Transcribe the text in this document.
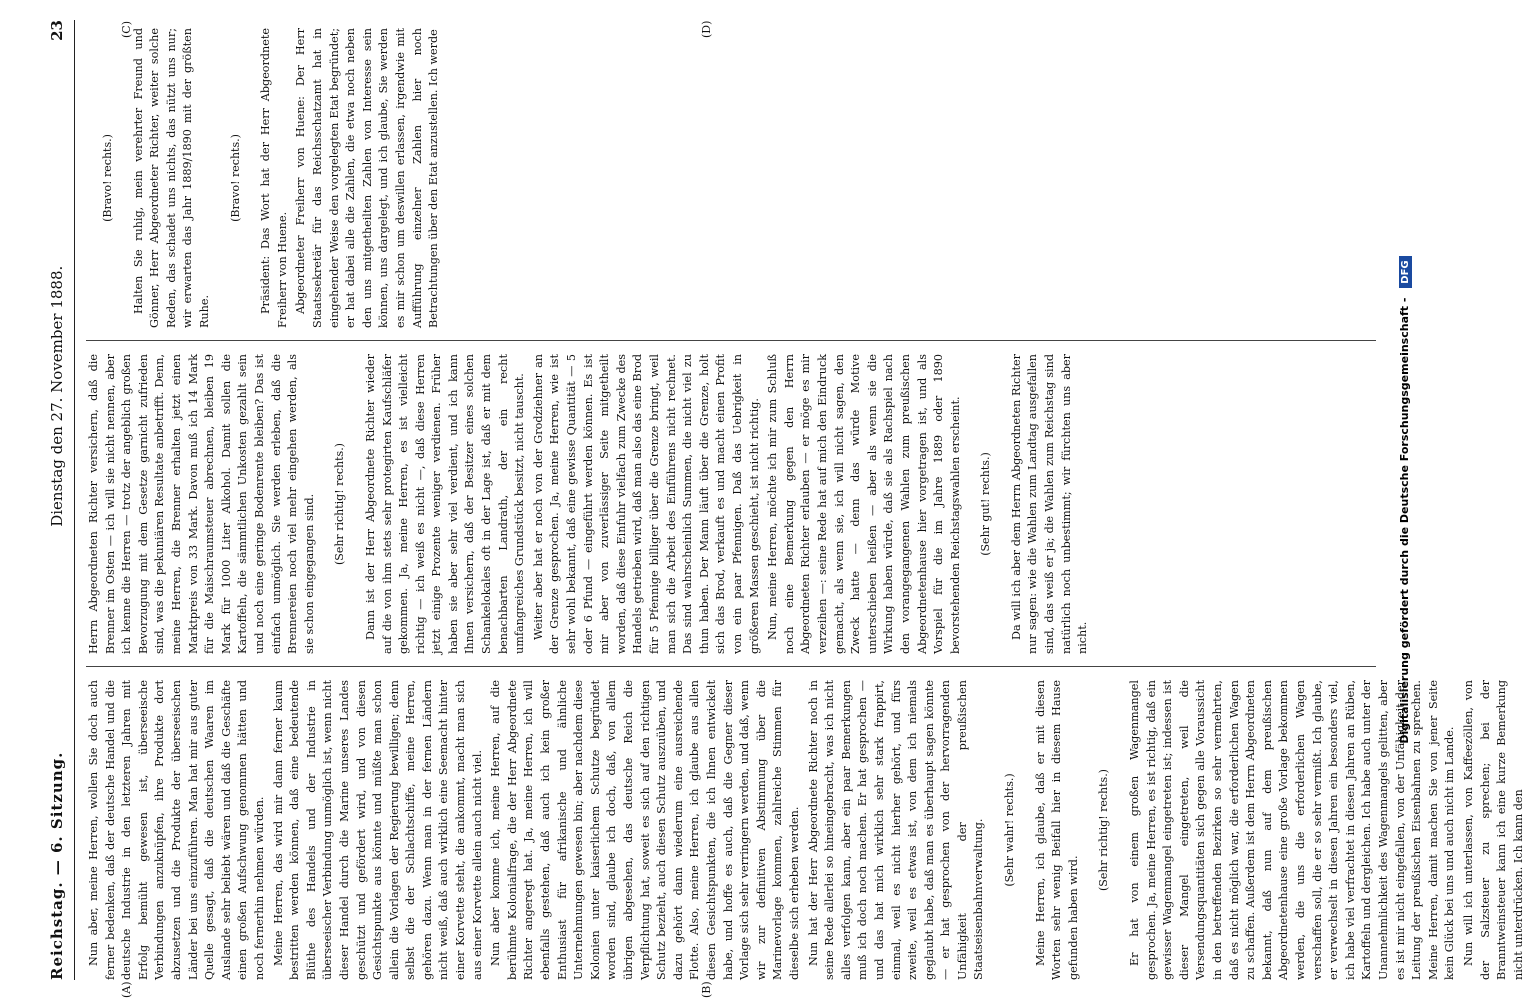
Reichstag. — 6. Sitzung.
Dienstag den 27. November 1888.
23
(A)	(B)
(C)	(D)

Nun aber, meine Herren, wollen Sie doch auch ferner bedenken, daß der deutsche Handel und die deutsche Industrie in den letzteren Jahren mit Erfolg bemüht gewesen ist, überseeische Verbindungen anzuknüpfen, ihre Produkte dort abzusetzen und die Produkte der überseeischen Länder bei uns einzuführen. Man hat mir aus guter Quelle gesagt, daß die deutschen Waaren im Auslande sehr beliebt wären und daß die Geschäfte einen großen Aufschwung genommen hätten und noch fernerhin nehmen würden. Meine Herren, das wird mir dann ferner kaum bestritten werden können, daß eine bedeutende Blüthe des Handels und der Industrie in überseeischer Verbindung unmöglich ist, wenn nicht dieser Handel durch die Marine unseres Landes geschützt und gefördert wird, und von diesen Gesichtspunkte aus könnte und müßte man schon allein die Vorlagen der Regierung bewilligen; denn selbst die der Schlachtschiffe, meine Herren, gehören dazu. Wenn man in der fernen Ländern nicht weiß, daß auch wirklich eine Seemacht hinter einer Korvette steht, die ankommt, macht man sich aus einer Korvette allein auch nicht viel. Nun aber komme ich, meine Herren, auf die berühmte Kolonialfrage, die der Herr Abgeordnete Richter angeregt hat. Ja, meine Herren, ich will ebenfalls gestehen, daß auch ich kein großer Enthusiast für afrikanische und ähnliche Unternehmungen gewesen bin; aber nachdem diese Kolonien unter kaiserlichem Schutze begründet worden sind, glaube ich doch, daß, von allem übrigen abgesehen, das deutsche Reich die Verpflichtung hat, soweit es sich auf den richtigen Schutz bezieht, auch diesen Schutz auszuüben, und dazu gehört dann wiederum eine ausreichende Flotte. Also, meine Herren, ich glaube aus allen diesen Gesichtspunkten, die ich Ihnen entwickelt habe, und hoffe es auch, daß die Gegner dieser Vorlage sich sehr verringern werden, und daß, wenn wir zur definitiven Abstimmung über die Marinevorlage kommen, zahlreiche Stimmen für dieselbe sich erheben werden. Nun hat der Herr Abgeordnete Richter noch in seine Rede allerlei so hineingebracht, was ich nicht alles verfolgen kann, aber ein paar Bemerkungen muß ich doch noch machen. Er hat gesprochen — und das hat mich wirklich sehr stark frappirt, einmal, weil es nicht hierher gehört, und fürs zweite, weil es etwas ist, von dem ich niemals geglaubt habe, daß man es überhaupt sagen könnte — er hat gesprochen von der hervorragenden Unfähigkeit der preußischen Staatseisenbahnverwaltung. (Sehr wahr! rechts.) Meine Herren, ich glaube, daß er mit diesen Worten sehr wenig Beifall hier in diesem Hause gefunden haben wird.

(Sehr richtig! rechts.) Er hat von einem großen Wagenmangel gesprochen. Ja, meine Herren, es ist richtig, daß ein gewisser Wagenmangel eingetreten ist; indessen ist dieser Mangel eingetreten, weil die Versendungsquantitäten sich gegen alle Voraussicht in den betreffenden Bezirken so sehr vermehrten, daß es nicht möglich war, die erforderlichen Wagen zu schaffen. Außerdem ist dem Herrn Abgeordneten bekannt, daß nun auf dem preußischen Abgeordnetenhause eine große Vorlage bekommen werden, die uns die erforderlichen Wagen verschaffen soll, die er so sehr vermißt. Ich glaube, er verwechselt in diesen Jahren ein besonders viel, ich habe viel verfrachtet in diesen Jahren an Rüben, Kartoffeln und dergleichen. Ich habe auch unter der Unannehmlichkeit des Wagenmangels gelitten, aber es ist mir nicht eingefallen, von der Unfähigkeit der Leitung der preußischen Eisenbahnen zu sprechen. Meine Herren, damit machen Sie von jener Seite kein Glück bei uns und auch nicht im Lande. Nun will ich unterlassen, von Kaffeezöllen, von der Salzsteuer zu sprechen; bei der Branntweinsteuer kann ich eine kurze Bemerkung nicht unterdrücken. Ich kann den

Herrn Abgeordneten Richter versichern, daß die Brenner im Osten — ich will sie nicht nennen, aber ich kenne die Herren — trotz der angeblich großen Bevorzugung mit dem Gesetze garnicht zufrieden sind, was die pekuniären Resultate anbetrifft. Denn, meine Herren, die Brenner erhalten jetzt einen Marktpreis von 33 Mark. Davon muß ich 14 Mark für die Maischraumsteuer abrechnen, bleiben 19 Mark für 1000 Liter Alkohol. Damit sollen die Kartoffeln, die sämmtlichen Unkosten gezahlt sein und noch eine geringe Bodenrente bleiben? Das ist einfach unmöglich. Sie werden erleben, daß die Brennereien noch viel mehr eingehen werden, als sie schon eingegangen sind. (Sehr richtig! rechts.) Dann ist der Herr Abgeordnete Richter wieder auf die von ihm stets sehr protegirten Kaufschläfer gekommen. Ja, meine Herren, es ist vielleicht richtig — ich weiß es nicht —, daß diese Herren jetzt einige Prozente weniger verdienen. Früher haben sie aber sehr viel verdient, und ich kann Ihnen versichern, daß der Besitzer eines solchen Schankelokales oft in der Lage ist, daß er mit dem benachbarten Landrath, der ein recht umfangreiches Grundstück besitzt, nicht tauscht. Weiter aber hat er noch von der Grodziehner an der Grenze gesprochen. Ja, meine Herren, wie ist sehr wohl bekannt, daß eine gewisse Quantität — 5 oder 6 Pfund — eingeführt werden können. Es ist mir aber von zuverlässiger Seite mitgetheilt worden, daß diese Einfuhr vielfach zum Zwecke des Handels getrieben wird, daß man also das eine Brod für 5 Pfennige billiger über die Grenze bringt, weil man sich die Arbeit des Einführens nicht rechnet. Das sind wahrscheinlich Summen, die nicht viel zu thun haben. Der Mann läuft über die Grenze, holt sich das Brod, verkauft es und macht einen Profit von ein paar Pfennigen. Daß das Uebrigkeit in größeren Massen geschieht, ist nicht richtig. Nun, meine Herren, möchte ich mir zum Schluß noch eine Bemerkung gegen den Herrn Abgeordneten Richter erlauben — er möge es mir verzeihen —: seine Rede hat auf mich den Eindruck gemacht, als wenn sie, ich will nicht sagen, den Zweck hatte — denn das würde Motive unterschieben heißen — aber als wenn sie die Wirkung haben würde, daß sie als Rachspiel nach den vorangegangenen Wahlen zum preußischen Abgeordnetenhause hier vorgetragen ist, und als Vorspiel für die im Jahre 1889 oder 1890 bevorstehenden Reichstagswahlen erscheint. (Sehr gut! rechts.) Da will ich aber dem Herrn Abgeordneten Richter nur sagen: wie die Wahlen zum Landtag ausgefallen sind, das weiß er ja; die Wahlen zum Reichstag sind natürlich noch unbestimmt; wir fürchten uns aber nicht.

(Bravo! rechts.) Halten Sie ruhig, mein verehrter Freund und Gönner, Herr Abgeordneter Richter, weiter solche Reden, das schadet uns nichts, das nützt uns nur; wir erwarten das Jahr 1889/1890 mit der größten Ruhe.

(Bravo! rechts.) Präsident: Das Wort hat der Herr Abgeordnete Freiherr von Huene. Abgeordneter Freiherr von Huene: Der Herr Staatssekretär für das Reichsschatzamt hat in eingehender Weise den vorgelegten Etat begründet; er hat dabei alle die Zahlen, die etwa noch neben den uns mitgetheilten Zahlen von Interesse sein können, uns dargelegt, und ich glaube, Sie werden es mir schon um deswillen erlassen, irgendwie mit Aufführung einzelner Zahlen hier noch Betrachtungen über den Etat anzustellen. Ich werde

Digitalisierung gefördert durch die Deutsche Forschungsgemeinschaft - DFG
